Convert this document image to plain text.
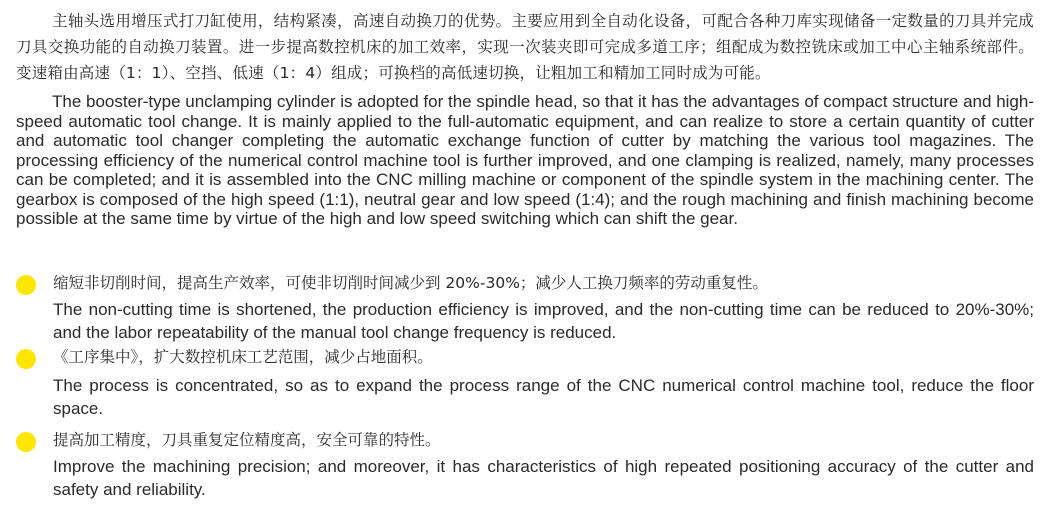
主轴头选用增压式打刀缸使用，结构紧凑，高速自动换刀的优势。主要应用到全自动化设备，可配合各种刀库实现储备一定数量的刀具并完成刀具交换功能的自动换刀装置。进一步提高数控机床的加工效率，实现一次装夹即可完成多道工序；组配成为数控铣床或加工中心主轴系统部件。变速箱由高速（1：1）、空挡、低速（1：4）组成；可换档的高低速切换，让粗加工和精加工同时成为可能。

The booster-type unclamping cylinder is adopted for the spindle head, so that it has the advantages of compact structure and high-speed automatic tool change. It is mainly applied to the full-automatic equipment, and can realize to store a certain quantity of cutter and automatic tool changer completing the automatic exchange function of cutter by matching the various tool magazines. The processing efficiency of the numerical control machine tool is further improved, and one clamping is realized, namely, many processes can be completed; and it is assembled into the CNC milling machine or component of the spindle system in the machining center. The gearbox is composed of the high speed (1:1), neutral gear and low speed (1:4); and the rough machining and finish machining become possible at the same time by virtue of the high and low speed switching which can shift the gear.

缩短非切削时间，提高生产效率，可使非切削时间减少到 20%-30%；减少人工换刀频率的劳动重复性。

The non-cutting time is shortened, the production efficiency is improved, and the non-cutting time can be reduced to 20%-30%; and the labor repeatability of the manual tool change frequency is reduced.

《工序集中》，扩大数控机床工艺范围，减少占地面积。

The process is concentrated, so as to expand the process range of the CNC numerical control machine tool, reduce the floor space.

提高加工精度，刀具重复定位精度高，安全可靠的特性。

Improve the machining precision; and moreover, it has characteristics of high repeated positioning accuracy of the cutter and safety and reliability.
